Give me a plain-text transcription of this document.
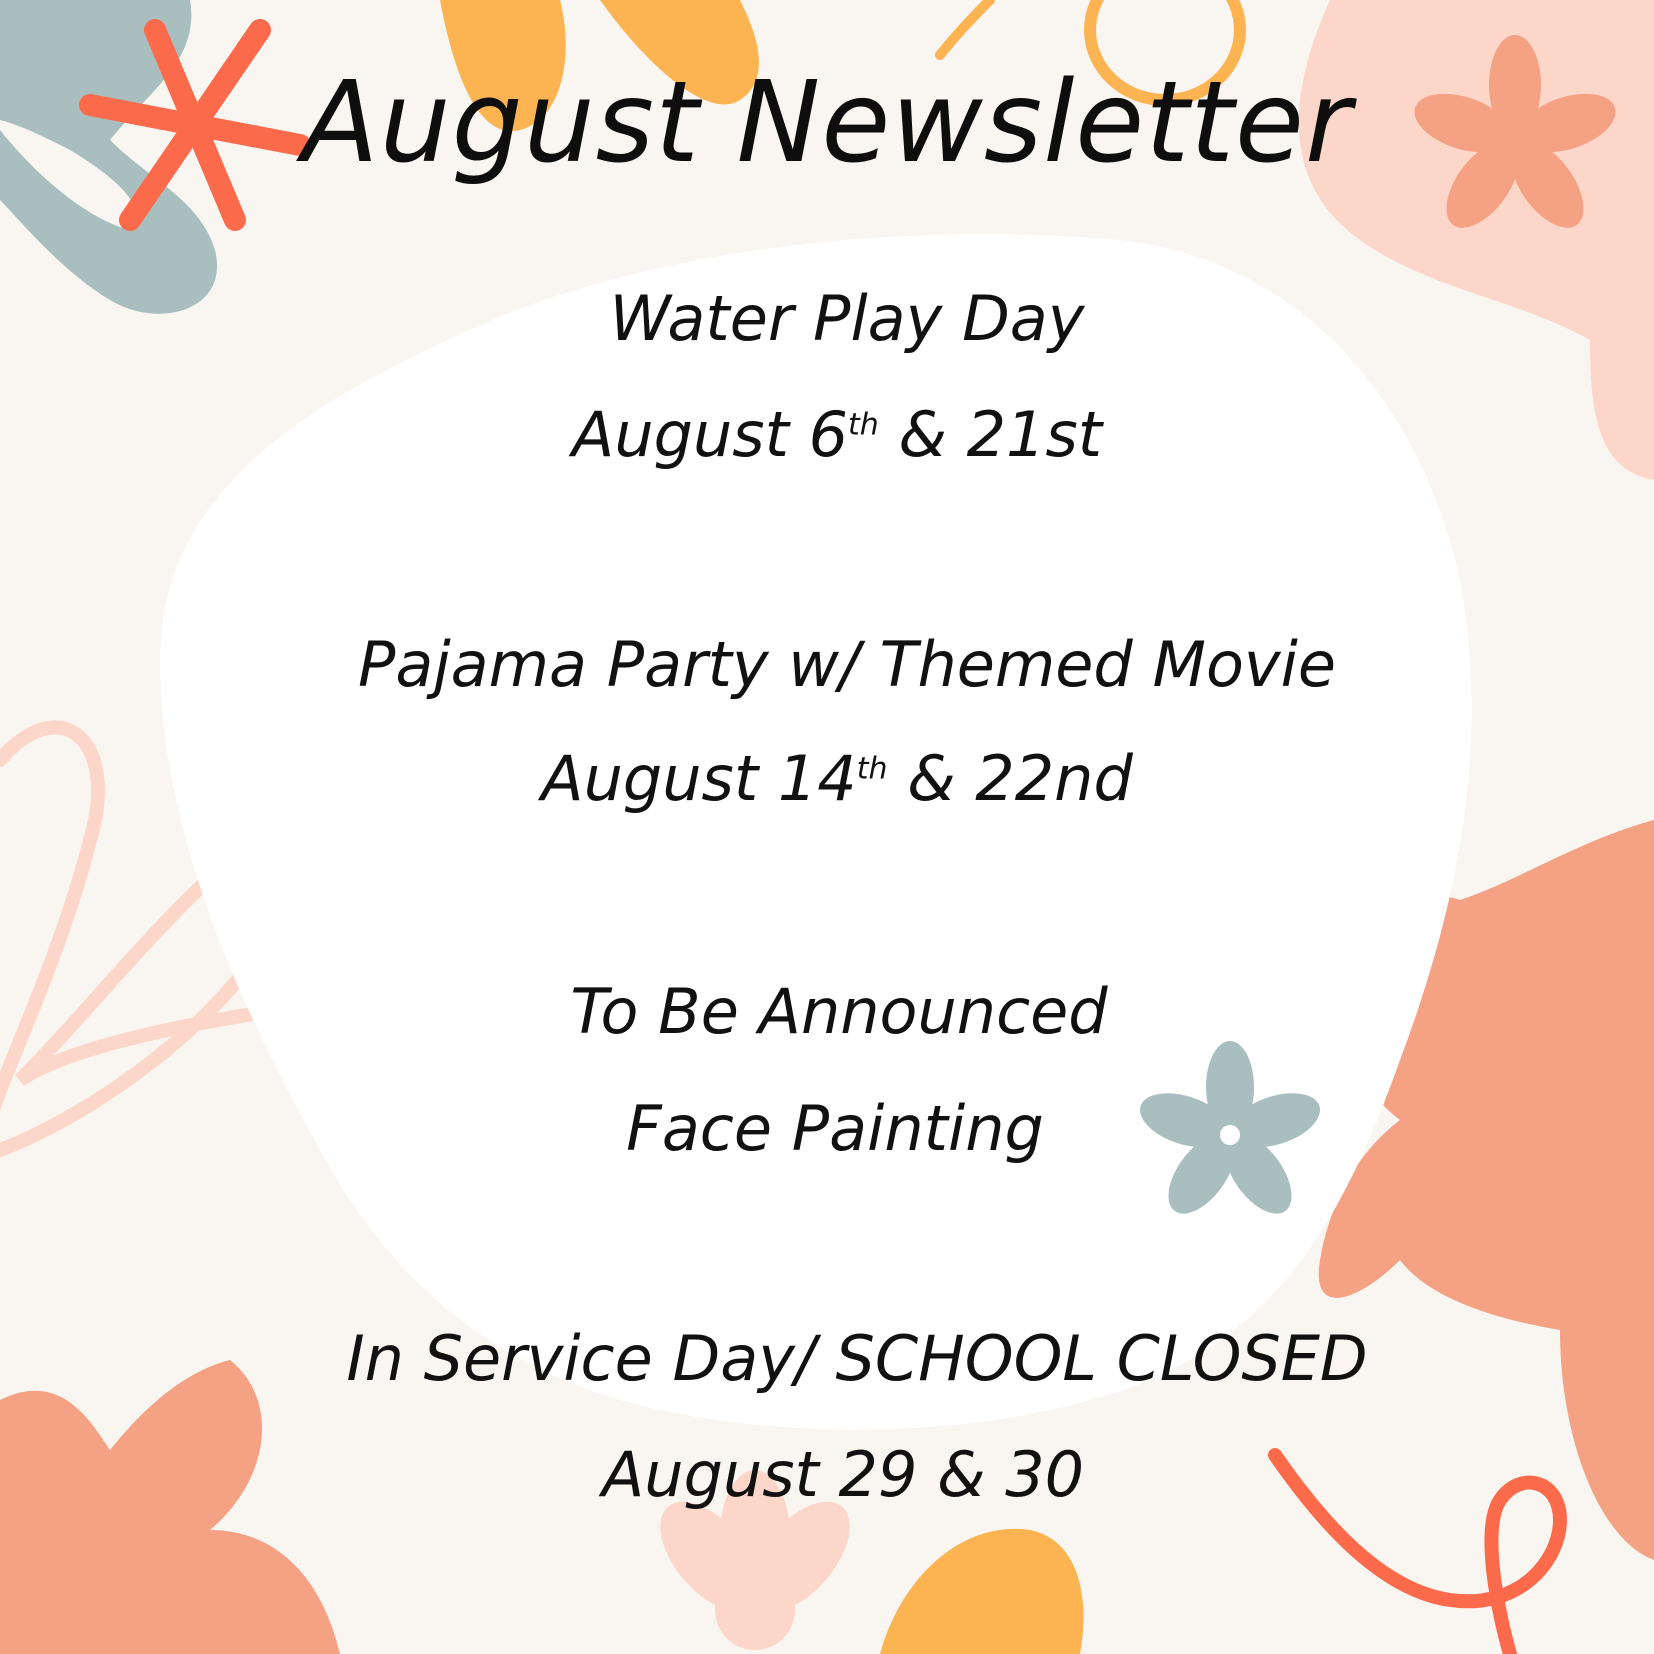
August Newsletter

Water Play Day

August 6th & 21st

Pajama Party w/ Themed Movie

August 14th & 22nd

To Be Announced

Face Painting

In Service Day/ SCHOOL CLOSED

August 29 & 30
